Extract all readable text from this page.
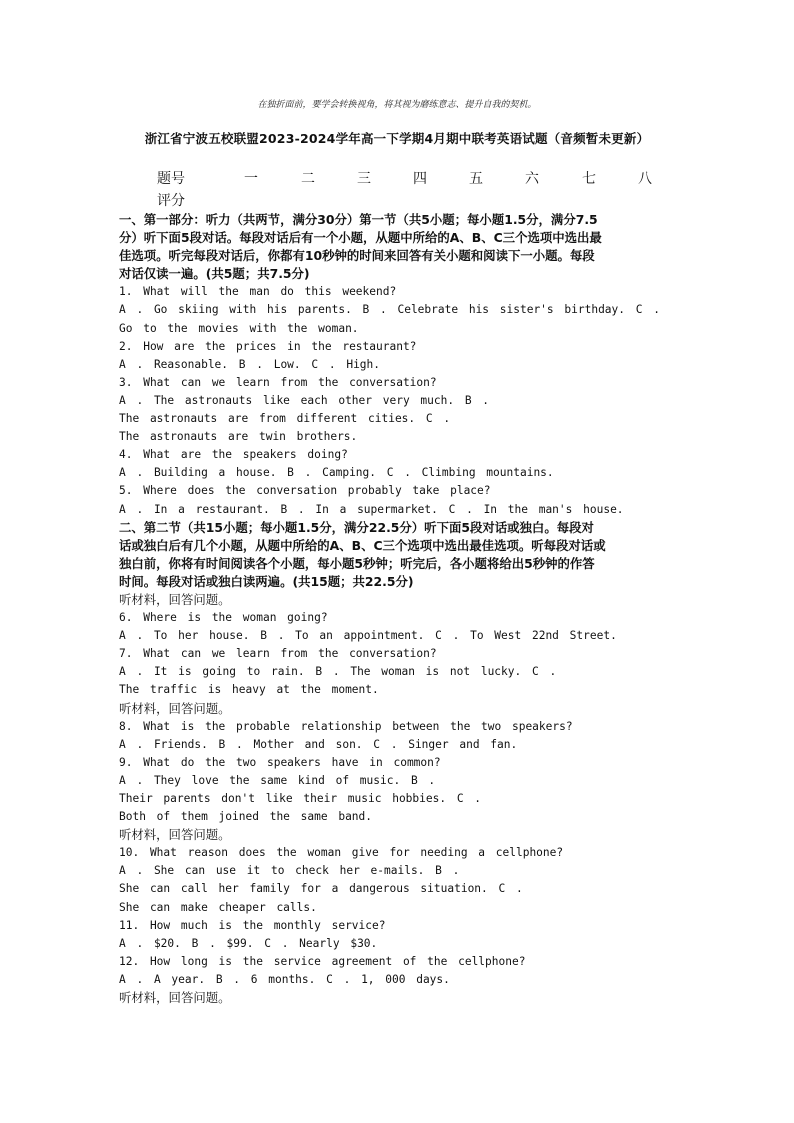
在独折面前，要学会转换视角，将其视为磨练意志、提升自我的契机。
浙江省宁波五校联盟2023-2024学年高一下学期4月期中联考英语试题（音频暂未更新）
题号	一	二	三	四	五	六	七	八
评分
一、第一部分：听力（共两节，满分30分）第一节（共5小题；每小题1.5分，满分7.5
分）听下面5段对话。每段对话后有一个小题，从题中所给的A、B、C三个选项中选出最
佳选项。听完每段对话后，你都有10秒钟的时间来回答有关小题和阅读下一小题。每段
对话仅读一遍。(共5题；共7.5分)
1. What will the man do this weekend?
A . Go skiing with his parents. B . Celebrate his sister's birthday. C .
Go to the movies with the woman.
2. How are the prices in the restaurant?
A . Reasonable. B . Low. C . High.
3. What can we learn from the conversation?
A . The astronauts like each other very much. B .
The astronauts are from different cities. C .
The astronauts are twin brothers.
4. What are the speakers doing?
A . Building a house. B . Camping. C . Climbing mountains.
5. Where does the conversation probably take place?
A . In a restaurant. B . In a supermarket. C . In the man's house.
二、第二节（共15小题；每小题1.5分，满分22.5分）听下面5段对话或独白。每段对
话或独白后有几个小题，从题中所给的A、B、C三个选项中选出最佳选项。听每段对话或
独白前，你将有时间阅读各个小题，每小题5秒钟；听完后，各小题将给出5秒钟的作答
时间。每段对话或独白读两遍。(共15题；共22.5分)
听材料，回答问题。
6. Where is the woman going?
A . To her house. B . To an appointment. C . To West 22nd Street.
7. What can we learn from the conversation?
A . It is going to rain. B . The woman is not lucky. C .
The traffic is heavy at the moment.
听材料，回答问题。
8. What is the probable relationship between the two speakers?
A . Friends. B . Mother and son. C . Singer and fan.
9. What do the two speakers have in common?
A . They love the same kind of music. B .
Their parents don't like their music hobbies. C .
Both of them joined the same band.
听材料，回答问题。
10. What reason does the woman give for needing a cellphone?
A . She can use it to check her e-mails. B .
She can call her family for a dangerous situation. C .
She can make cheaper calls.
11. How much is the monthly service?
A . $20. B . $99. C . Nearly $30.
12. How long is the service agreement of the cellphone?
A . A year. B . 6 months. C . 1, 000 days.
听材料，回答问题。
